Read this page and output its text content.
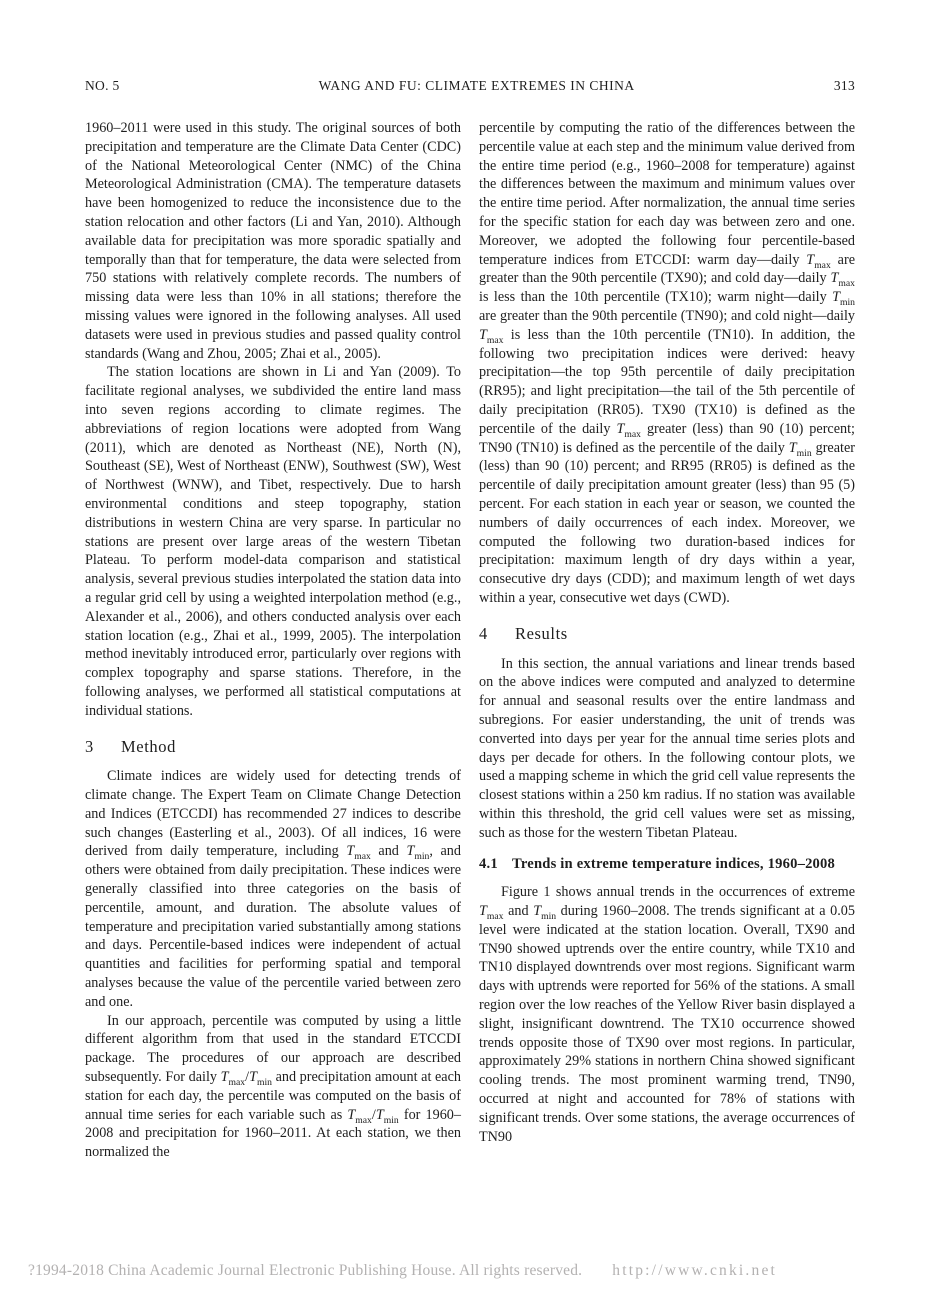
NO. 5	WANG AND FU: CLIMATE EXTREMES IN CHINA	313

1960–2011 were used in this study. The original sources of both precipitation and temperature are the Climate Data Center (CDC) of the National Meteorological Center (NMC) of the China Meteorological Administration (CMA). The temperature datasets have been homogenized to reduce the inconsistence due to the station relocation and other factors (Li and Yan, 2010). Although available data for precipitation was more sporadic spatially and temporally than that for temperature, the data were selected from 750 stations with relatively complete records. The numbers of missing data were less than 10% in all stations; therefore the missing values were ignored in the following analyses. All used datasets were used in previous studies and passed quality control standards (Wang and Zhou, 2005; Zhai et al., 2005).

The station locations are shown in Li and Yan (2009). To facilitate regional analyses, we subdivided the entire land mass into seven regions according to climate regimes. The abbreviations of region locations were adopted from Wang (2011), which are denoted as Northeast (NE), North (N), Southeast (SE), West of Northeast (ENW), Southwest (SW), West of Northwest (WNW), and Tibet, respectively. Due to harsh environmental conditions and steep topography, station distributions in western China are very sparse. In particular no stations are present over large areas of the western Tibetan Plateau. To perform model-data comparison and statistical analysis, several previous studies interpolated the station data into a regular grid cell by using a weighted interpolation method (e.g., Alexander et al., 2006), and others conducted analysis over each station location (e.g., Zhai et al., 1999, 2005). The interpolation method inevitably introduced error, particularly over regions with complex topography and sparse stations. Therefore, in the following analyses, we performed all statistical computations at individual stations.

3	Method

Climate indices are widely used for detecting trends of climate change. The Expert Team on Climate Change Detection and Indices (ETCCDI) has recommended 27 indices to describe such changes (Easterling et al., 2003). Of all indices, 16 were derived from daily temperature, including $T_{max}$ and $T_{min}$, and others were obtained from daily precipitation. These indices were generally classified into three categories on the basis of percentile, amount, and duration. The absolute values of temperature and precipitation varied substantially among stations and days. Percentile-based indices were independent of actual quantities and facilities for performing spatial and temporal analyses because the value of the percentile varied between zero and one.

In our approach, percentile was computed by using a little different algorithm from that used in the standard ETCCDI package. The procedures of our approach are described subsequently. For daily $T_{max}/T_{min}$ and precipitation amount at each station for each day, the percentile was computed on the basis of annual time series for each variable such as $T_{max}/T_{min}$ for 1960–2008 and precipitation for 1960–2011. At each station, we then normalized the

percentile by computing the ratio of the differences between the percentile value at each step and the minimum value derived from the entire time period (e.g., 1960–2008 for temperature) against the differences between the maximum and minimum values over the entire time period. After normalization, the annual time series for the specific station for each day was between zero and one. Moreover, we adopted the following four percentile-based temperature indices from ETCCDI: warm day—daily $T_{max}$ are greater than the 90th percentile (TX90); and cold day—daily $T_{max}$ is less than the 10th percentile (TX10); warm night—daily $T_{min}$ are greater than the 90th percentile (TN90); and cold night—daily $T_{max}$ is less than the 10th percentile (TN10). In addition, the following two precipitation indices were derived: heavy precipitation—the top 95th percentile of daily precipitation (RR95); and light precipitation—the tail of the 5th percentile of daily precipitation (RR05). TX90 (TX10) is defined as the percentile of the daily $T_{max}$ greater (less) than 90 (10) percent; TN90 (TN10) is defined as the percentile of the daily $T_{min}$ greater (less) than 90 (10) percent; and RR95 (RR05) is defined as the percentile of daily precipitation amount greater (less) than 95 (5) percent. For each station in each year or season, we counted the numbers of daily occurrences of each index. Moreover, we computed the following two duration-based indices for precipitation: maximum length of dry days within a year, consecutive dry days (CDD); and maximum length of wet days within a year, consecutive wet days (CWD).

4	Results

In this section, the annual variations and linear trends based on the above indices were computed and analyzed to determine for annual and seasonal results over the entire landmass and subregions. For easier understanding, the unit of trends was converted into days per year for the annual time series plots and days per decade for others. In the following contour plots, we used a mapping scheme in which the grid cell value represents the closest stations within a 250 km radius. If no station was available within this threshold, the grid cell values were set as missing, such as those for the western Tibetan Plateau.

4.1 Trends in extreme temperature indices, 1960–2008

Figure 1 shows annual trends in the occurrences of extreme $T_{max}$ and $T_{min}$ during 1960–2008. The trends significant at a 0.05 level were indicated at the station location. Overall, TX90 and TN90 showed uptrends over the entire country, while TX10 and TN10 displayed downtrends over most regions. Significant warm days with uptrends were reported for 56% of the stations. A small region over the low reaches of the Yellow River basin displayed a slight, insignificant downtrend. The TX10 occurrence showed trends opposite those of TX90 over most regions. In particular, approximately 29% stations in northern China showed significant cooling trends. The most prominent warming trend, TN90, occurred at night and accounted for 78% of stations with significant trends. Over some stations, the average occurrences of TN90

?1994-2018 China Academic Journal Electronic Publishing House. All rights reserved. http://www.cnki.net
